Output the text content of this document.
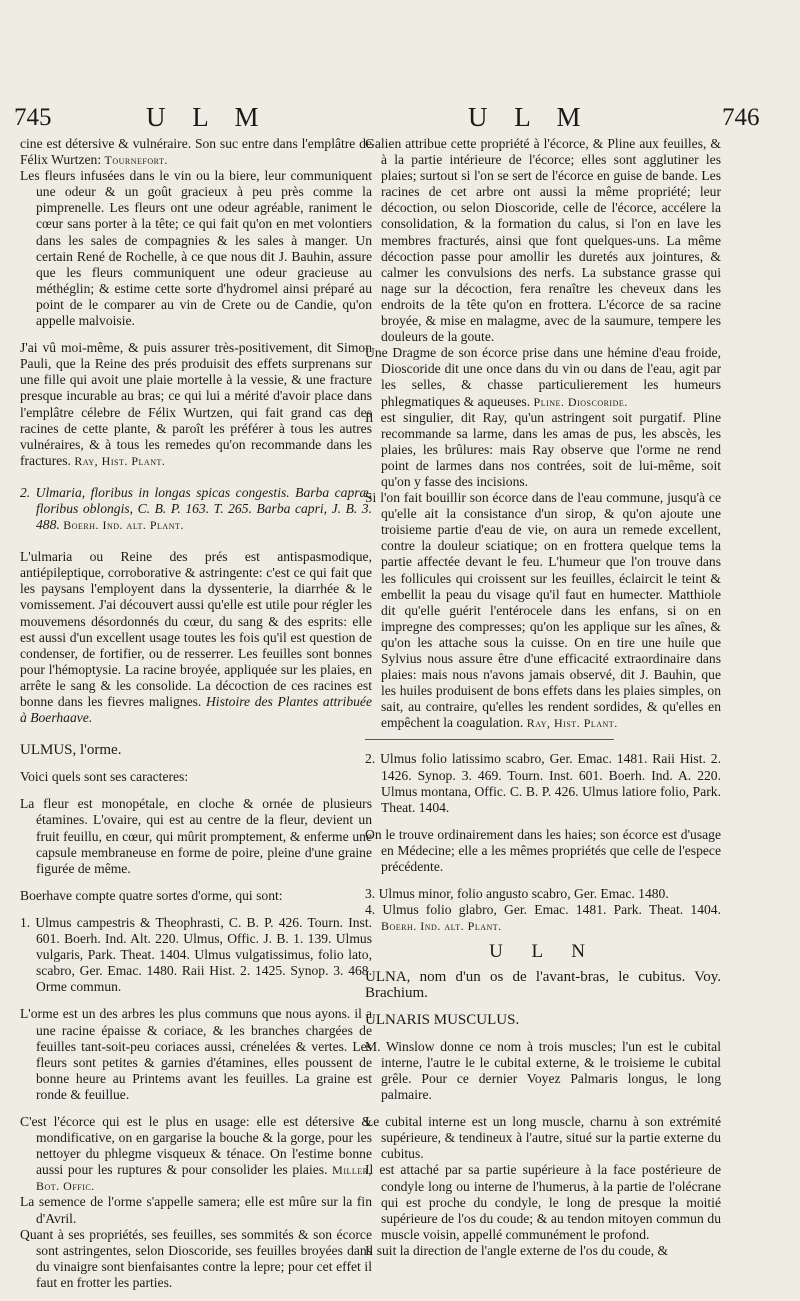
745	U L M	U L M	746

cine est détersive & vulnéraire. Son suc entre dans l'emplâtre de Félix Wurtzen: Tournefort.

Les fleurs infusées dans le vin ou la biere, leur communiquent une odeur & un goût gracieux à peu près comme la pimprenelle. Les fleurs ont une odeur agréable, raniment le cœur sans porter à la tête; ce qui fait qu'on en met volontiers dans les sales de compagnies & les sales à manger. Un certain René de Rochelle, à ce que nous dit J. Bauhin, assure que les fleurs communiquent une odeur gracieuse au méthéglin; & estime cette sorte d'hydromel ainsi préparé au point de le comparer au vin de Crete ou de Candie, qu'on appelle malvoisie.

J'ai vû moi-même, & puis assurer très-positivement, dit Simon Pauli, que la Reine des prés produisit des effets surprenans sur une fille qui avoit une plaie mortelle à la vessie, & une fracture presque incurable au bras; ce qui lui a mérité d'avoir place dans l'emplâtre célebre de Félix Wurtzen, qui fait grand cas des racines de cette plante, & paroît les préférer à tous les autres vulnéraires, & à tous les remedes qu'on recommande dans les fractures. Ray, Hist. Plant.

2. Ulmaria, floribus in longas spicas congestis. Barba capræ, floribus oblongis, C. B. P. 163. T. 265. Barba capri, J. B. 3. 488. Boerh. Ind. alt. Plant.

L'ulmaria ou Reine des prés est antispasmodique, antiépileptique, corroborative & astringente: c'est ce qui fait que les paysans l'employent dans la dyssenterie, la diarrhée & le vomissement. J'ai découvert aussi qu'elle est utile pour régler les mouvemens désordonnés du cœur, du sang & des esprits: elle est aussi d'un excellent usage toutes les fois qu'il est question de condenser, de fortifier, ou de resserrer. Les feuilles sont bonnes pour l'hémoptysie. La racine broyée, appliquée sur les plaies, en arrête le sang & les consolide. La décoction de ces racines est bonne dans les fievres malignes. Histoire des Plantes attribuée à Boerhaave.

ULMUS, l'orme.

Voici quels sont ses caracteres:

La fleur est monopétale, en cloche & ornée de plusieurs étamines. L'ovaire, qui est au centre de la fleur, devient un fruit feuillu, en cœur, qui mûrit promptement, & enferme une capsule membraneuse en forme de poire, pleine d'une graine figurée de même.

Boerhave compte quatre sortes d'orme, qui sont:

1. Ulmus campestris & Theophrasti, C. B. P. 426. Tourn. Inst. 601. Boerh. Ind. Alt. 220. Ulmus, Offic. J. B. 1. 139. Ulmus vulgaris, Park. Theat. 1404. Ulmus vulgatissimus, folio lato, scabro, Ger. Emac. 1480. Raii Hist. 2. 1425. Synop. 3. 468. Orme commun.

L'orme est un des arbres les plus communs que nous ayons. il a une racine épaisse & coriace, & les branches chargées de feuilles tant-soit-peu coriaces aussi, crénelées & vertes. Les fleurs sont petites & garnies d'étamines, elles poussent de bonne heure au Printems avant les feuilles. La graine est ronde & feuillue.

C'est l'écorce qui est le plus en usage: elle est détersive & mondificative, on en gargarise la bouche & la gorge, pour les nettoyer du phlegme visqueux & ténace. On l'estime bonne aussi pour les ruptures & pour consolider les plaies. Miller, Bot. Offic.

La semence de l'orme s'appelle samera; elle est mûre sur la fin d'Avril.

Quant à ses propriétés, ses feuilles, ses sommités & son écorce sont astringentes, selon Dioscoride, ses feuilles broyées dans du vinaigre sont bienfaisantes contre la lepre; pour cet effet il faut en frotter les parties.

Galien attribue cette propriété à l'écorce, & Pline aux feuilles, & à la partie intérieure de l'écorce; elles sont agglutiner les plaies; surtout si l'on se sert de l'écorce en guise de bande. Les racines de cet arbre ont aussi la même propriété; leur décoction, ou selon Dioscoride, celle de l'écorce, accélere la consolidation, & la formation du calus, si l'on en lave les membres fracturés, ainsi que font quelques-uns. La même décoction passe pour amollir les duretés aux jointures, & calmer les convulsions des nerfs. La substance grasse qui nage sur la décoction, fera renaître les cheveux dans les endroits de la tête qu'on en frottera. L'écorce de sa racine broyée, & mise en malagme, avec de la saumure, tempere les douleurs de la goute.

Une Dragme de son écorce prise dans une hémine d'eau froide, Dioscoride dit une once dans du vin ou dans de l'eau, agit par les selles, & chasse particulierement les humeurs phlegmatiques & aqueuses. Pline. Dioscoride.

Il est singulier, dit Ray, qu'un astringent soit purgatif. Pline recommande sa larme, dans les amas de pus, les abscès, les plaies, les brûlures: mais Ray observe que l'orme ne rend point de larmes dans nos contrées, soit de lui-même, soit qu'on y fasse des incisions.

Si l'on fait bouillir son écorce dans de l'eau commune, jusqu'à ce qu'elle ait la consistance d'un sirop, & qu'on ajoute une troisieme partie d'eau de vie, on aura un remede excellent, contre la douleur sciatique; on en frottera quelque tems la partie affectée devant le feu. L'humeur que l'on trouve dans les follicules qui croissent sur les feuilles, éclaircit le teint & embellit la peau du visage qu'il faut en humecter. Matthiole dit qu'elle guérit l'entérocele dans les enfans, si on en impregne des compresses; qu'on les applique sur les aînes, & qu'on les attache sous la cuisse. On en tire une huile que Sylvius nous assure être d'une efficacité extraordinaire dans plaies: mais nous n'avons jamais observé, dit J. Bauhin, que les huiles produisent de bons effets dans les plaies simples, on sait, au contraire, qu'elles les rendent sordides, & qu'elles en empêchent la coagulation. Ray, Hist. Plant.

2. Ulmus folio latissimo scabro, Ger. Emac. 1481. Raii Hist. 2. 1426. Synop. 3. 469. Tourn. Inst. 601. Boerh. Ind. A. 220. Ulmus montana, Offic. C. B. P. 426. Ulmus latiore folio, Park. Theat. 1404.

On le trouve ordinairement dans les haies; son écorce est d'usage en Médecine; elle a les mêmes propriétés que celle de l'espece précédente.

3. Ulmus minor, folio angusto scabro, Ger. Emac. 1480.

4. Ulmus folio glabro, Ger. Emac. 1481. Park. Theat. 1404. Boerh. Ind. alt. Plant.

U L N

ULNA, nom d'un os de l'avant-bras, le cubitus. Voy. Brachium.

ULNARIS MUSCULUS.

M. Winslow donne ce nom à trois muscles; l'un est le cubital interne, l'autre le le cubital externe, & le troisieme le cubital grêle. Pour ce dernier Voyez Palmaris longus, le long palmaire.

Le cubital interne est un long muscle, charnu à son extrémité supérieure, & tendineux à l'autre, situé sur la partie externe du cubitus.

Il est attaché par sa partie supérieure à la face postérieure de condyle long ou interne de l'humerus, à la partie de l'olécrane qui est proche du condyle, le long de presque la moitié supérieure de l'os du coude; & au tendon mitoyen commun du muscle voisin, appellé communément le profond.

Il suit la direction de l'angle externe de l'os du coude, &
